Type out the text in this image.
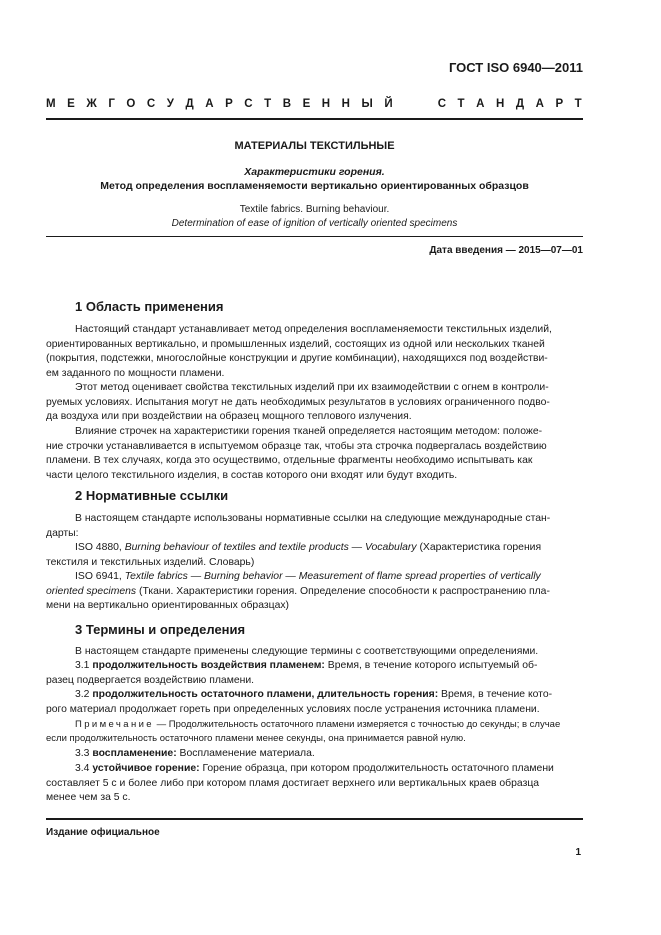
ГОСТ ISO 6940—2011
М Е Ж Г О С У Д А Р С Т В Е Н Н Ы Й	С Т А Н Д А Р Т
МАТЕРИАЛЫ ТЕКСТИЛЬНЫЕ
Характеристики горения.
Метод определения воспламеняемости вертикально ориентированных образцов
Textile fabrics. Burning behaviour.
Determination of ease of ignition of vertically oriented specimens
Дата введения — 2015—07—01
1 Область применения
Настоящий стандарт устанавливает метод определения воспламеняемости текстильных изделий,
ориентированных вертикально, и промышленных изделий, состоящих из одной или нескольких тканей
(покрытия, подстежки, многослойные конструкции и другие комбинации), находящихся под воздействи-
ем заданного по мощности пламени.
Этот метод оценивает свойства текстильных изделий при их взаимодействии с огнем в контроли-
руемых условиях. Испытания могут не дать необходимых результатов в условиях ограниченного подво-
да воздуха или при воздействии на образец мощного теплового излучения.
Влияние строчек на характеристики горения тканей определяется настоящим методом: положе-
ние строчки устанавливается в испытуемом образце так, чтобы эта строчка подвергалась воздействию
пламени. В тех случаях, когда это осуществимо, отдельные фрагменты необходимо испытывать как
части целого текстильного изделия, в состав которого они входят или будут входить.
2 Нормативные ссылки
В настоящем стандарте использованы нормативные ссылки на следующие международные стан-
дарты:
ISO 4880, Burning behaviour of textiles and textile products — Vocabulary (Характеристика горения
текстиля и текстильных изделий. Словарь)
ISO 6941, Textile fabrics — Burning behavior — Measurement of flame spread properties of vertically
oriented specimens (Ткани. Характеристики горения. Определение способности к распространению пла-
мени на вертикально ориентированных образцах)
3 Термины и определения
В настоящем стандарте применены следующие термины с соответствующими определениями.
3.1 продолжительность воздействия пламенем: Время, в течение которого испытуемый об-
разец подвергается воздействию пламени.
3.2 продолжительность остаточного пламени, длительность горения: Время, в течение кото-
рого материал продолжает гореть при определенных условиях после устранения источника пламени.
Примечание — Продолжительность остаточного пламени измеряется с точностью до секунды; в случае
если продолжительность остаточного пламени менее секунды, она принимается равной нулю.
3.3 воспламенение: Воспламенение материала.
3.4 устойчивое горение: Горение образца, при котором продолжительность остаточного пламени
составляет 5 с и более либо при котором пламя достигает верхнего или вертикальных краев образца
менее чем за 5 с.
Издание официальное
1
